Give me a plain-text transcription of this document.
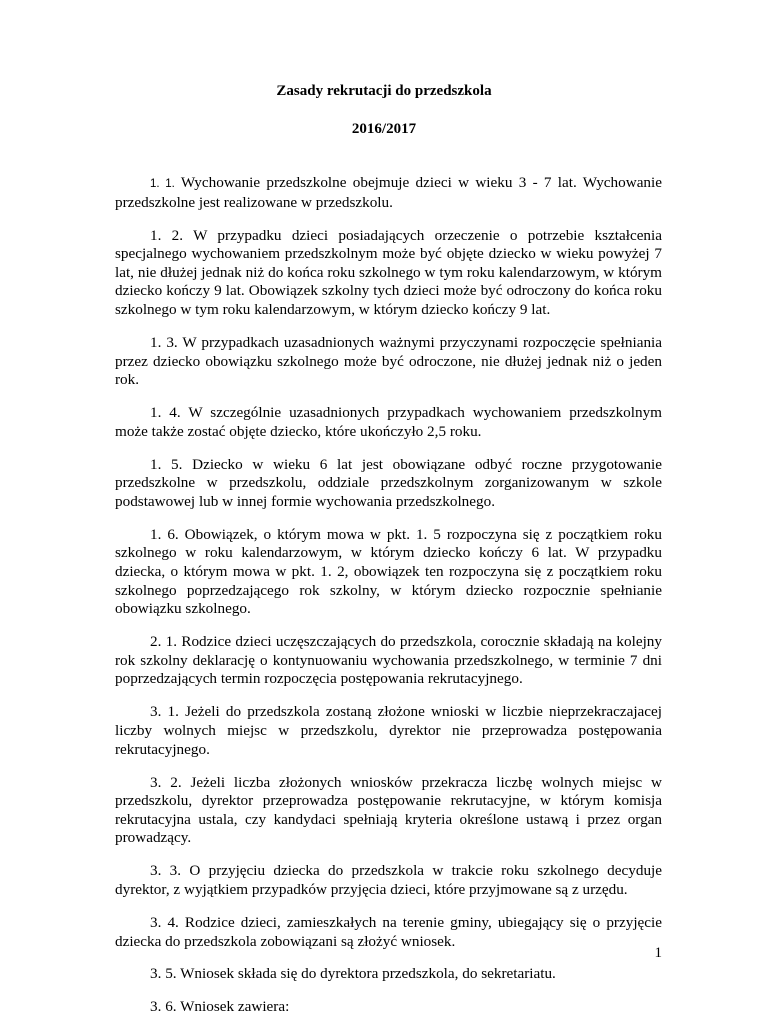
Zasady rekrutacji do przedszkola
2016/2017

1. 1. Wychowanie przedszkolne obejmuje dzieci w wieku 3 - 7 lat. Wychowanie przedszkolne jest realizowane w przedszkolu.

1. 2. W przypadku dzieci posiadających orzeczenie o potrzebie kształcenia specjalnego wychowaniem przedszkolnym może być objęte dziecko w wieku powyżej 7 lat, nie dłużej jednak niż do końca roku szkolnego w tym roku kalendarzowym, w którym dziecko kończy 9 lat. Obowiązek szkolny tych dzieci może być odroczony do końca roku szkolnego w tym roku kalendarzowym, w którym dziecko kończy 9 lat.

1. 3. W przypadkach uzasadnionych ważnymi przyczynami rozpoczęcie spełniania przez dziecko obowiązku szkolnego może być odroczone, nie dłużej jednak niż o jeden rok.

1. 4. W szczególnie uzasadnionych przypadkach wychowaniem przedszkolnym może także zostać objęte dziecko, które ukończyło 2,5 roku.

1. 5. Dziecko w wieku 6 lat jest obowiązane odbyć roczne przygotowanie przedszkolne w przedszkolu, oddziale przedszkolnym zorganizowanym w szkole podstawowej lub w innej formie wychowania przedszkolnego.

1. 6. Obowiązek, o którym mowa w pkt. 1. 5 rozpoczyna się z początkiem roku szkolnego w roku kalendarzowym, w którym dziecko kończy 6 lat. W przypadku dziecka, o którym mowa w pkt. 1. 2, obowiązek ten rozpoczyna się z początkiem roku szkolnego poprzedzającego rok szkolny, w którym dziecko rozpocznie spełnianie obowiązku szkolnego.

2. 1. Rodzice dzieci uczęszczających do przedszkola, corocznie składają na kolejny rok szkolny deklarację o kontynuowaniu wychowania przedszkolnego, w terminie 7 dni poprzedzających termin rozpoczęcia postępowania rekrutacyjnego.

3. 1. Jeżeli do przedszkola zostaną złożone wnioski w liczbie nieprzekraczajacej liczby wolnych miejsc w przedszkolu, dyrektor nie przeprowadza postępowania rekrutacyjnego.

3. 2. Jeżeli liczba złożonych wniosków przekracza liczbę wolnych miejsc w przedszkolu, dyrektor przeprowadza postępowanie rekrutacyjne, w którym komisja rekrutacyjna ustala, czy kandydaci spełniają kryteria określone ustawą i przez organ prowadzący.

3. 3. O przyjęciu dziecka do przedszkola w trakcie roku szkolnego decyduje dyrektor, z wyjątkiem przypadków przyjęcia dzieci, które przyjmowane są z urzędu.

3. 4. Rodzice dzieci, zamieszkałych na terenie gminy, ubiegający się o przyjęcie dziecka do przedszkola zobowiązani są złożyć wniosek.

3. 5. Wniosek składa się do dyrektora przedszkola, do sekretariatu.

3. 6. Wniosek zawiera:

1
